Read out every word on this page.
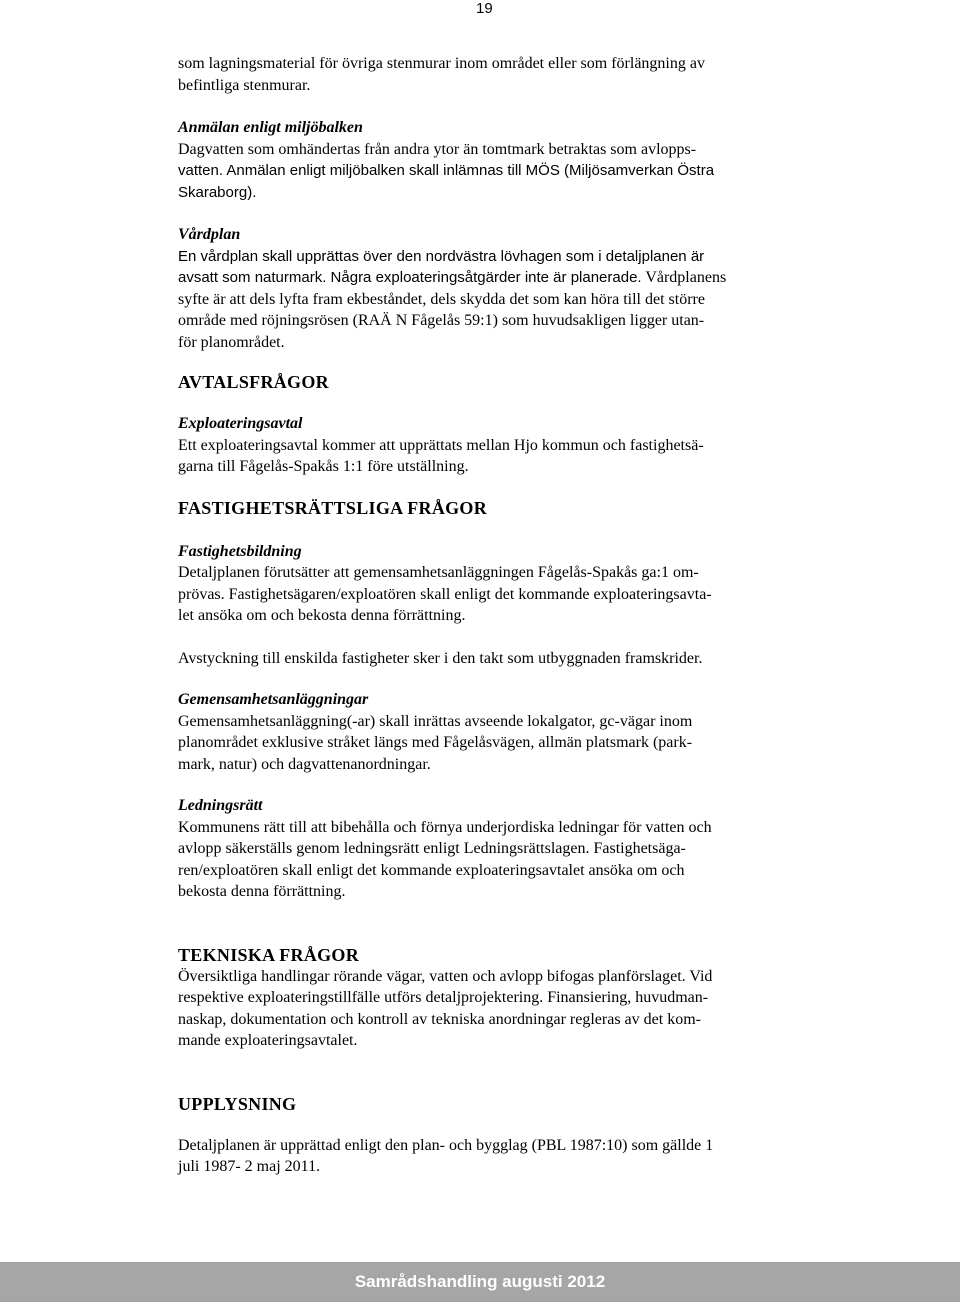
19
som lagningsmaterial för övriga stenmurar inom området eller som förlängning av
befintliga stenmurar.
Anmälan enligt miljöbalken
Dagvatten som omhändertas från andra ytor än tomtmark betraktas som avlopps-
vatten. Anmälan enligt miljöbalken skall inlämnas till MÖS (Miljösamverkan Östra
Skaraborg).
Vårdplan
En vårdplan skall upprättas över den nordvästra lövhagen som i detaljplanen är
avsatt som naturmark. Några exploateringsåtgärder inte är planerade. Vårdplanens
syfte är att dels lyfta fram ekbeståndet, dels skydda det som kan höra till det större
område med röjningsrösen (RAÄ N Fågelås 59:1) som huvudsakligen ligger utan-
för planområdet.
AVTALSFRÅGOR
Exploateringsavtal
Ett exploateringsavtal kommer att upprättats mellan Hjo kommun och fastighetsä-
garna till Fågelås-Spakås 1:1 före utställning.
FASTIGHETSRÄTTSLIGA FRÅGOR
Fastighetsbildning
Detaljplanen förutsätter att gemensamhetsanläggningen Fågelås-Spakås ga:1 om-
prövas. Fastighetsägaren/exploatören skall enligt det kommande exploateringsavta-
let ansöka om och bekosta denna förrättning.
Avstyckning till enskilda fastigheter sker i den takt som utbyggnaden framskrider.
Gemensamhetsanläggningar
Gemensamhetsanläggning(-ar) skall inrättas avseende lokalgator, gc-vägar inom
planområdet exklusive stråket längs med Fågelåsvägen, allmän platsmark (park-
mark, natur) och dagvattenanordningar.
Ledningsrätt
Kommunens rätt till att bibehålla och förnya underjordiska ledningar för vatten och
avlopp säkerställs genom ledningsrätt enligt Ledningsrättslagen. Fastighetsäga-
ren/exploatören skall enligt det kommande exploateringsavtalet ansöka om och
bekosta denna förrättning.
TEKNISKA FRÅGOR
Översiktliga handlingar rörande vägar, vatten och avlopp bifogas planförslaget. Vid
respektive exploateringstillfälle utförs detaljprojektering. Finansiering, huvudman-
naskap, dokumentation och kontroll av tekniska anordningar regleras av det kom-
mande exploateringsavtalet.
UPPLYSNING
Detaljplanen är upprättad enligt den plan- och bygglag (PBL 1987:10) som gällde 1
juli 1987- 2 maj 2011.
Samrådshandling augusti 2012
